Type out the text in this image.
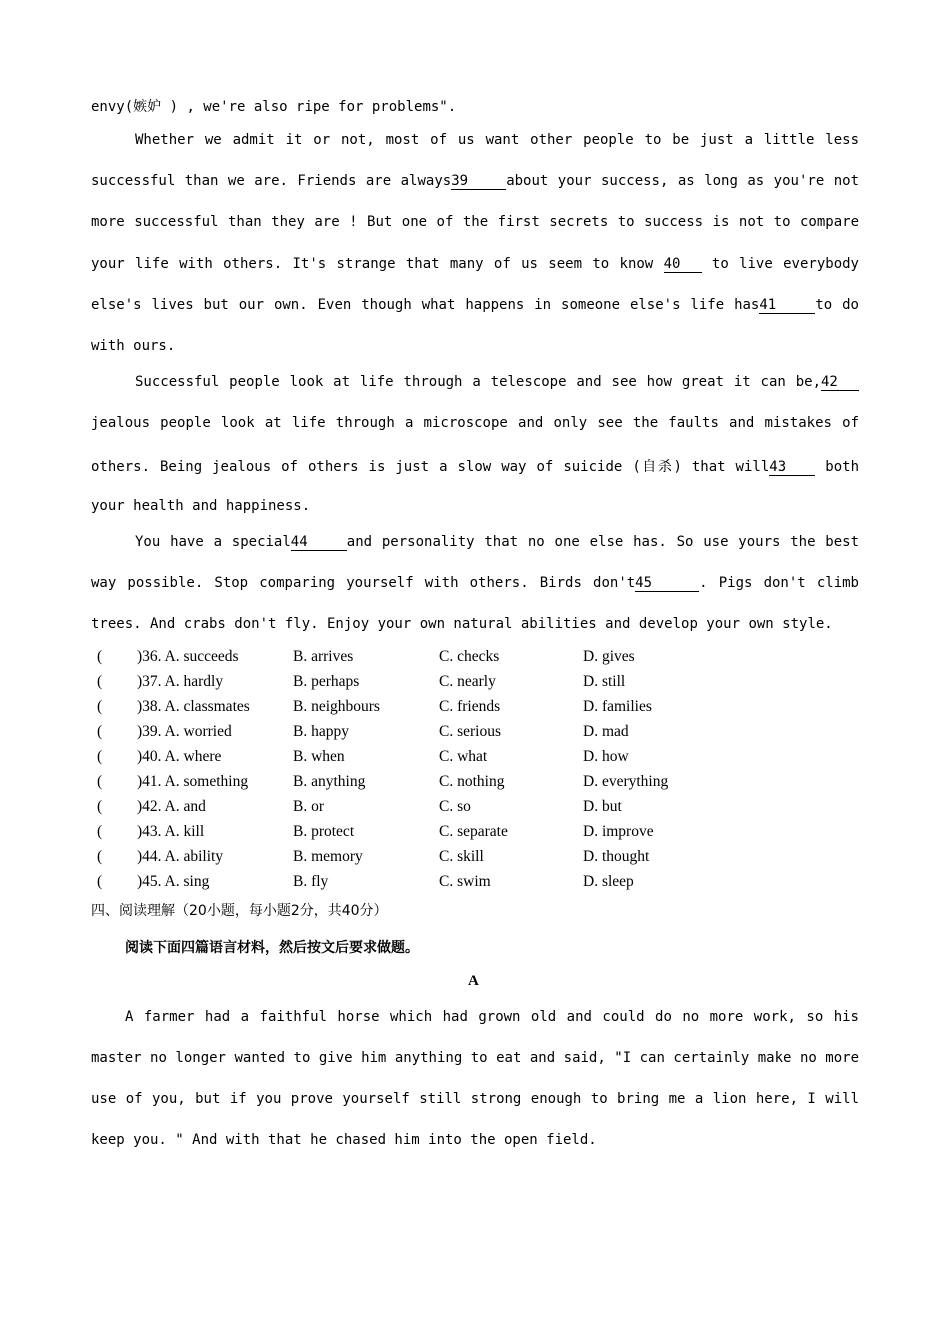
envy(嫉妒 ) , we're also ripe for problems".
Whether we admit it or not, most of us want other people to be just a little less
successful than we are. Friends are always39	about your success, as long as you're not
more successful than they are ! But one of the first secrets to success is not to compare
your life with others. It's strange that many of us seem to know 40 to live everybody
else's lives but our own. Even though what happens in someone else's life has41	to do
with ours.
Successful people look at life through a telescope and see how great it can be,42
jealous people look at life through a microscope and only see the faults and mistakes of
others. Being jealous of others is just a slow way of suicide (自杀) that will43	both
your health and happiness.
You have a special44	and personality that no one else has. So use yours the best
way possible. Stop comparing yourself with others. Birds don't45	. Pigs don't climb
trees. And crabs don't fly. Enjoy your own natural abilities and develop your own style.
( )36. A. succeeds	B. arrives	C. checks	D. gives
( )37. A. hardly	B. perhaps	C. nearly	D. still
( )38. A. classmates	B. neighbours	C. friends	D. families
( )39. A. worried	B. happy	C. serious	D. mad
( )40. A. where	B. when	C. what	D. how
( )41. A. something	B. anything	C. nothing	D. everything
( )42. A. and	B. or	C. so	D. but
( )43. A. kill	B. protect	C. separate	D. improve
( )44. A. ability	B. memory	C. skill	D. thought
( )45. A. sing	B. fly	C. swim	D. sleep
四、阅读理解（20小题，每小题2分，共40分）
阅读下面四篇语言材料，然后按文后要求做题。
A
A farmer had a faithful horse which had grown old and could do no more work, so his
master no longer wanted to give him anything to eat and said, "I can certainly make no more
use of you, but if you prove yourself still strong enough to bring me a lion here, I will
keep you. " And with that he chased him into the open field.
